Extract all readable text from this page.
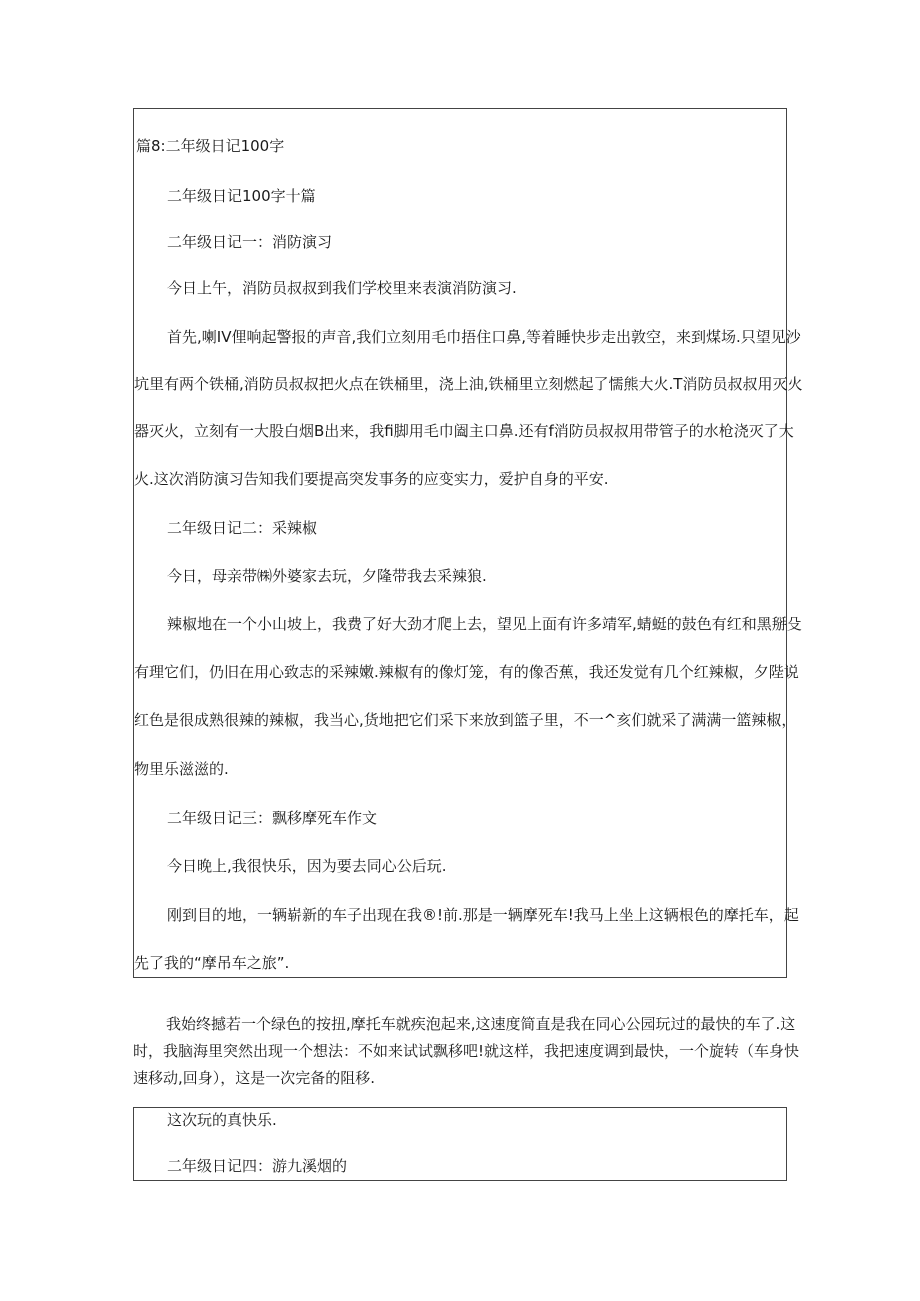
篇8:二年级日记100字
二年级日记100字十篇
二年级日记一：消防演习
今日上午，消防员叔叔到我们学校里来表演消防演习.
首先,喇IV俚响起警报的声音,我们立刻用毛巾捂住口鼻,等着睡快步走出敦空，来到煤场.只望见沙
坑里有两个铁桶,消防员叔叔把火点在铁桶里，浇上油,铁桶里立刻燃起了懦熊大火.T消防员叔叔用灭火
器灭火，立刻有一大股白烟B出来，我fi脚用毛巾阖主口鼻.还有f消防员叔叔用带管子的水枪浇灭了大
火.这次消防演习告知我们要提高突发事务的应变实力，爱护自身的平安.
二年级日记二：采辣椒
今日，母亲带㈱外婆家去玩，夕隆带我去采辣狼.
辣椒地在一个小山坡上，我费了好大劲才爬上去，望见上面有许多靖军,蜻蜓的鼓色有红和黑掰殳
有理它们，仍旧在用心致志的采辣嫩.辣椒有的像灯笼，有的像否蕉，我还发觉有几个红辣椒，夕陛说
红色是很成熟很辣的辣椒，我当心,货地把它们采下来放到篮子里，不一^亥们就采了满满一篮辣椒，
物里乐滋滋的.
二年级日记三：飘移摩死车作文
今日晚上,我很快乐，因为要去同心公后玩.
刚到目的地，一辆崭新的车子出现在我®!前.那是一辆摩死车!我马上坐上这辆根色的摩托车，起
先了我的“摩吊车之旅”.
我始终撼若一个绿色的按扭,摩托车就疾泡起来,这速度简直是我在同心公园玩过的最快的车了.这
时，我脑海里突然出现一个想法：不如来试试飘移吧!就这样，我把速度调到最快，一个旋转（车身快
速移动,回身），这是一次完备的阻移.
这次玩的真快乐.
二年级日记四：游九溪烟的
